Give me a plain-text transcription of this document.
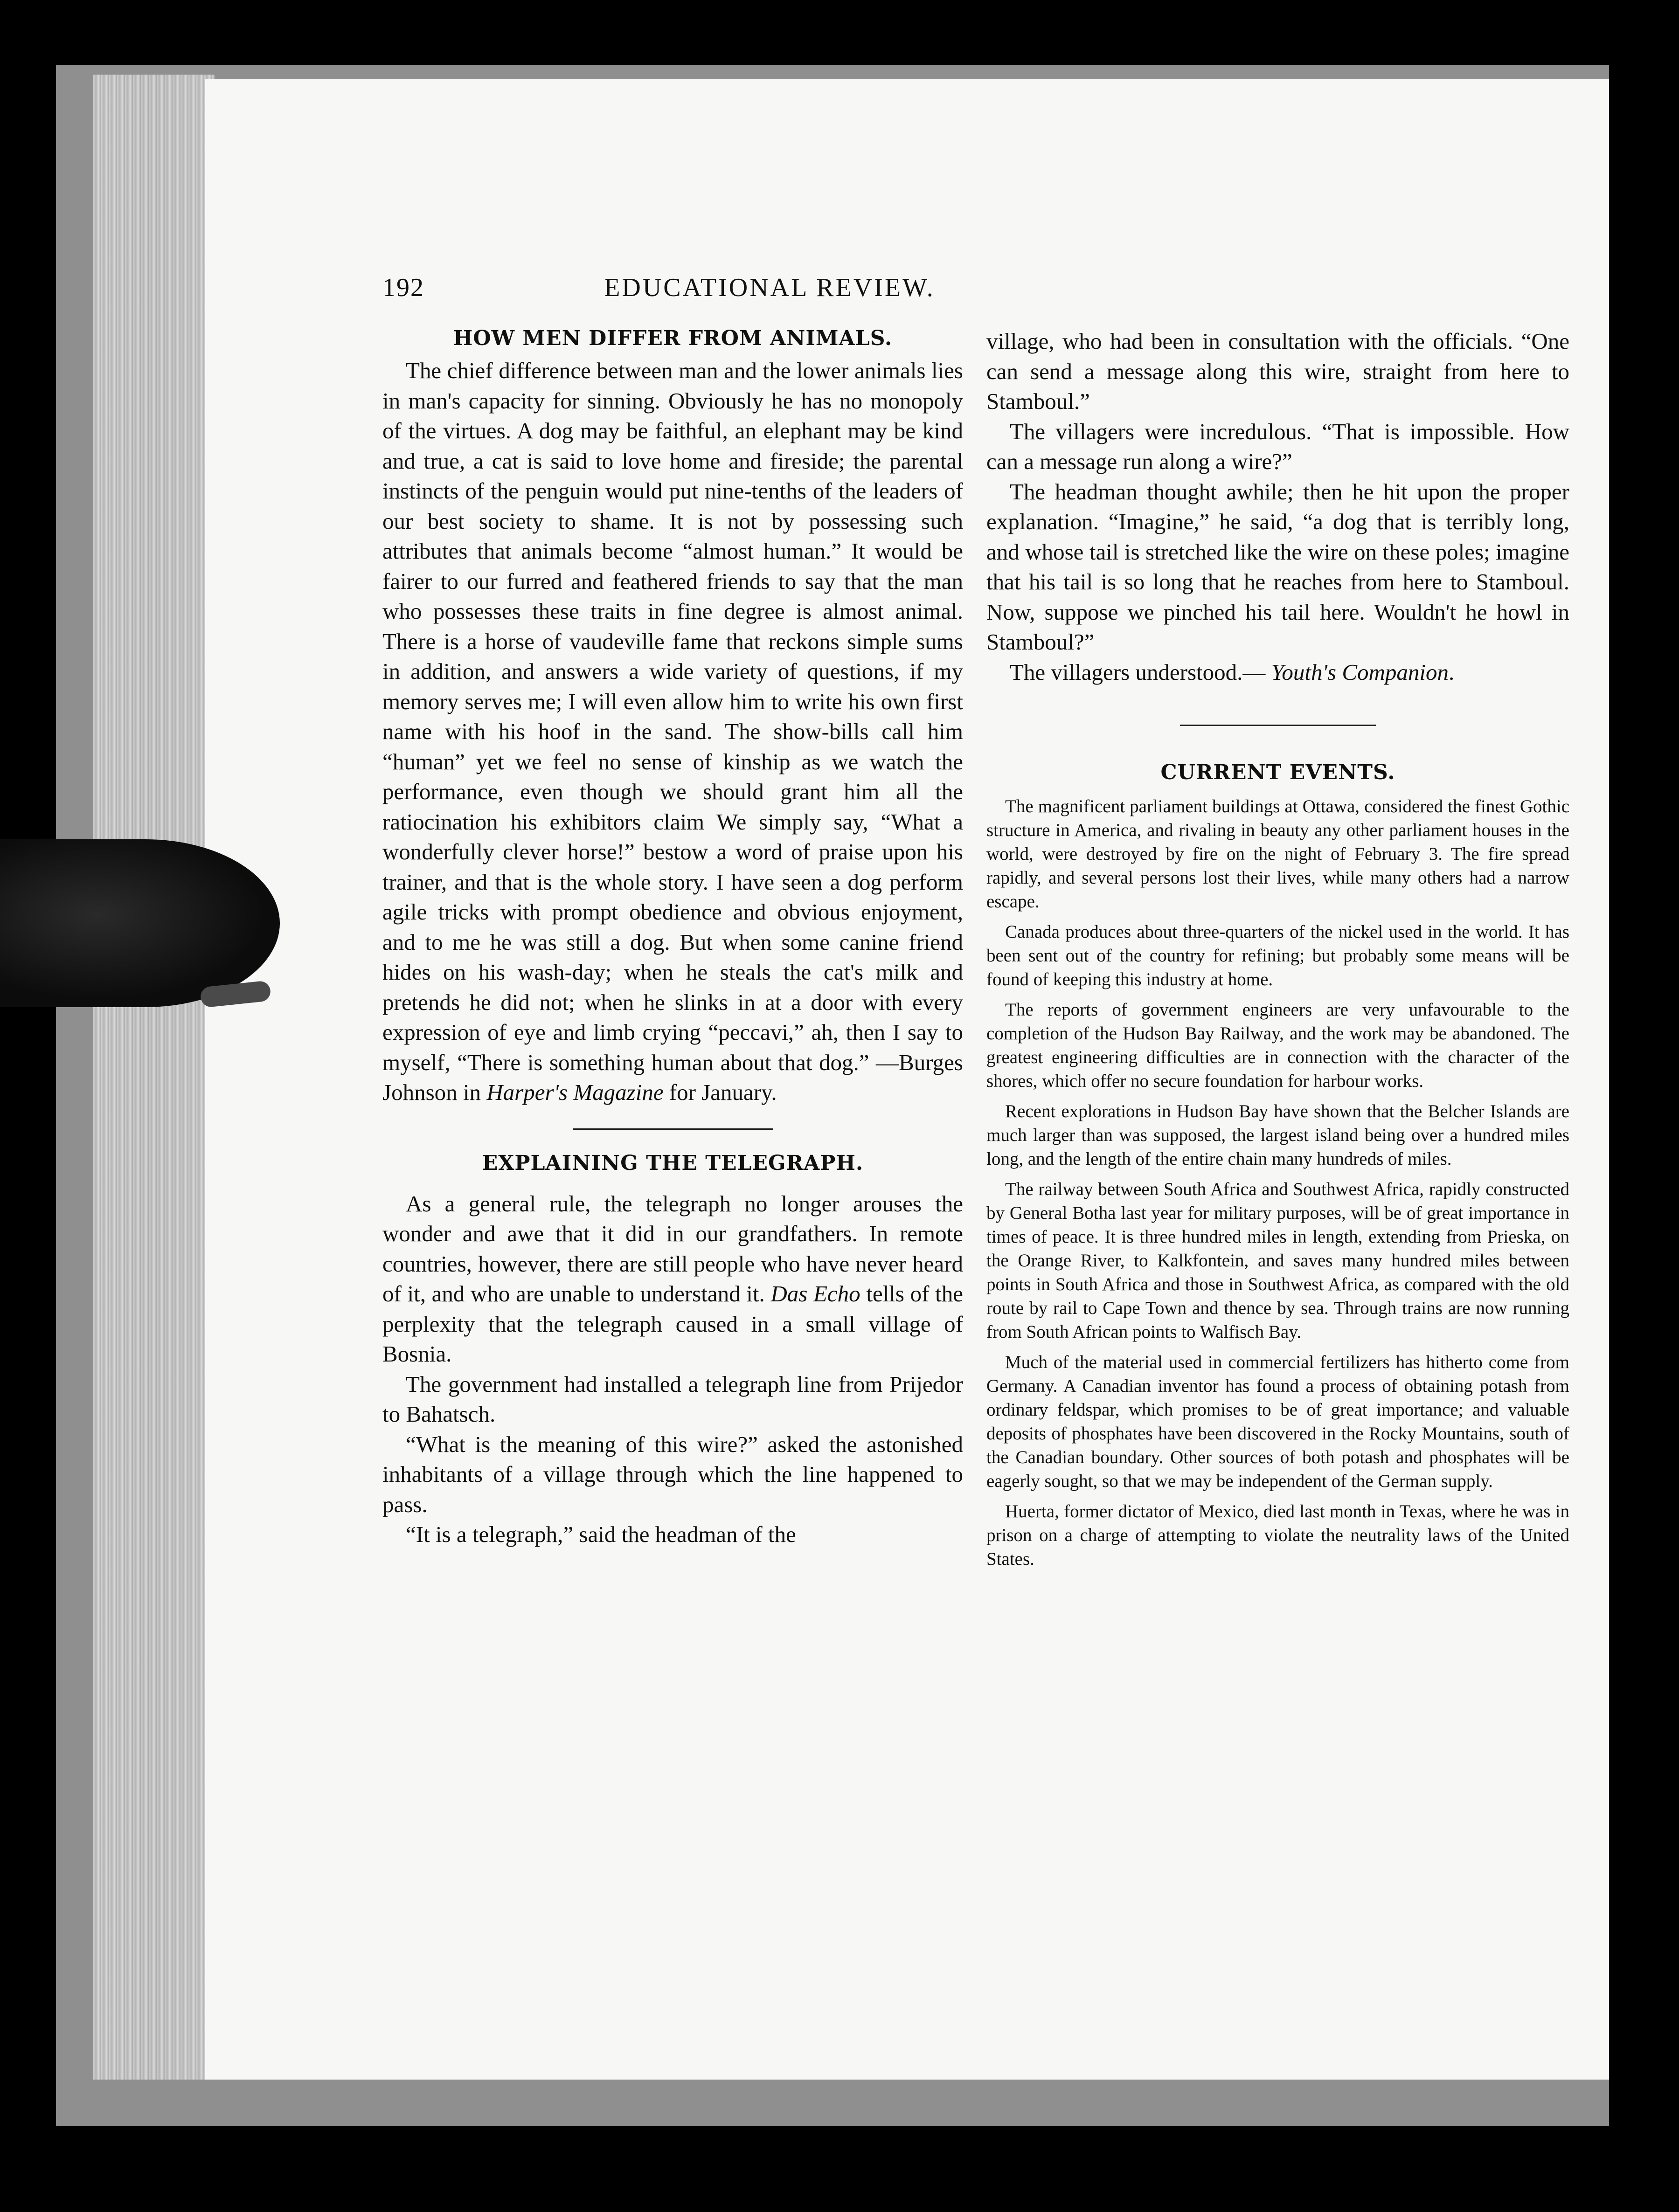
192	EDUCATIONAL REVIEW.
HOW MEN DIFFER FROM ANIMALS.

The chief difference between man and the lower animals lies in man's capacity for sinning. Obviously he has no monopoly of the virtues. A dog may be faithful, an elephant may be kind and true, a cat is said to love home and fireside; the parental instincts of the penguin would put nine-tenths of the leaders of our best society to shame. It is not by possessing such attributes that animals become “almost human.” It would be fairer to our furred and feathered friends to say that the man who possesses these traits in fine degree is almost animal. There is a horse of vaudeville fame that reckons simple sums in addition, and answers a wide variety of questions, if my memory serves me; I will even allow him to write his own first name with his hoof in the sand. The show-bills call him “human” yet we feel no sense of kinship as we watch the performance, even though we should grant him all the ratiocination his exhibitors claim We simply say, “What a wonderfully clever horse!” bestow a word of praise upon his trainer, and that is the whole story. I have seen a dog perform agile tricks with prompt obedience and obvious enjoyment, and to me he was still a dog. But when some canine friend hides on his wash-day; when he steals the cat's milk and pretends he did not; when he slinks in at a door with every expression of eye and limb crying “peccavi,” ah, then I say to myself, “There is something human about that dog.” —Burges Johnson in Harper's Magazine for January.

EXPLAINING THE TELEGRAPH.

As a general rule, the telegraph no longer arouses the wonder and awe that it did in our grandfathers. In remote countries, however, there are still people who have never heard of it, and who are unable to understand it. Das Echo tells of the perplexity that the telegraph caused in a small village of Bosnia.

The government had installed a telegraph line from Prijedor to Bahatsch.

“What is the meaning of this wire?” asked the astonished inhabitants of a village through which the line happened to pass.

“It is a telegraph,” said the headman of the

village, who had been in consultation with the officials. “One can send a message along this wire, straight from here to Stamboul.”

The villagers were incredulous. “That is impossible. How can a message run along a wire?”

The headman thought awhile; then he hit upon the proper explanation. “Imagine,” he said, “a dog that is terribly long, and whose tail is stretched like the wire on these poles; imagine that his tail is so long that he reaches from here to Stamboul. Now, suppose we pinched his tail here. Wouldn't he howl in Stamboul?”

The villagers understood.— Youth's Companion.

CURRENT EVENTS.

The magnificent parliament buildings at Ottawa, considered the finest Gothic structure in America, and rivaling in beauty any other parliament houses in the world, were destroyed by fire on the night of February 3. The fire spread rapidly, and several persons lost their lives, while many others had a narrow escape.

Canada produces about three-quarters of the nickel used in the world. It has been sent out of the country for refining; but probably some means will be found of keeping this industry at home.

The reports of government engineers are very unfavourable to the completion of the Hudson Bay Railway, and the work may be abandoned. The greatest engineering difficulties are in connection with the character of the shores, which offer no secure foundation for harbour works.

Recent explorations in Hudson Bay have shown that the Belcher Islands are much larger than was supposed, the largest island being over a hundred miles long, and the length of the entire chain many hundreds of miles.

The railway between South Africa and Southwest Africa, rapidly constructed by General Botha last year for military purposes, will be of great importance in times of peace. It is three hundred miles in length, extending from Prieska, on the Orange River, to Kalkfontein, and saves many hundred miles between points in South Africa and those in Southwest Africa, as compared with the old route by rail to Cape Town and thence by sea. Through trains are now running from South African points to Walfisch Bay.

Much of the material used in commercial fertilizers has hitherto come from Germany. A Canadian inventor has found a process of obtaining potash from ordinary feldspar, which promises to be of great importance; and valuable deposits of phosphates have been discovered in the Rocky Mountains, south of the Canadian boundary. Other sources of both potash and phosphates will be eagerly sought, so that we may be independent of the German supply.

Huerta, former dictator of Mexico, died last month in Texas, where he was in prison on a charge of attempting to violate the neutrality laws of the United States.
